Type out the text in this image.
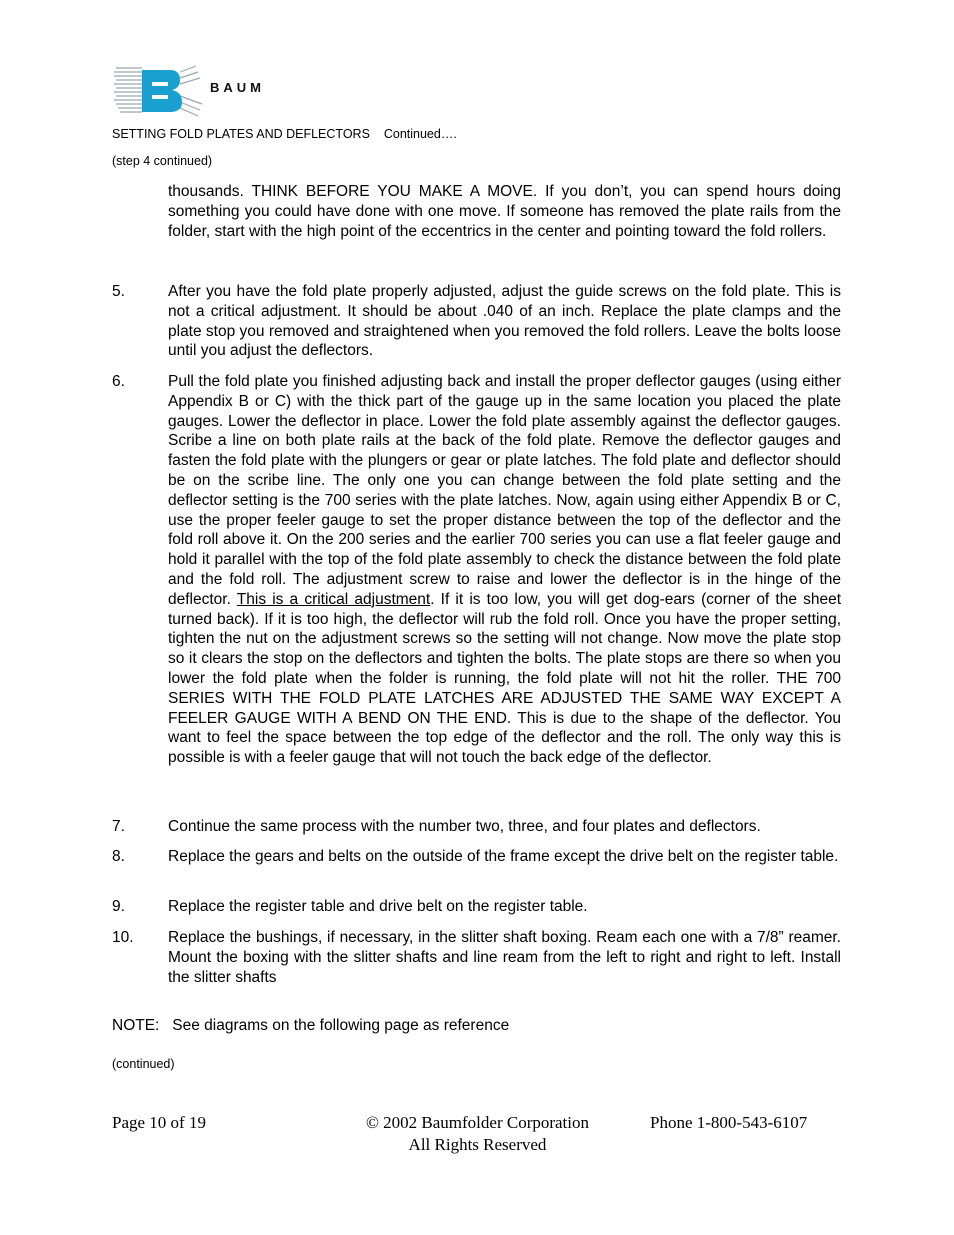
BAUM
SETTING FOLD PLATES AND DEFLECTORS Continued….
(step 4 continued)
thousands. THINK BEFORE YOU MAKE A MOVE. If you don’t, you can spend hours doing something you could have done with one move. If someone has removed the plate rails from the folder, start with the high point of the eccentrics in the center and pointing toward the fold rollers.
5.	After you have the fold plate properly adjusted, adjust the guide screws on the fold plate. This is not a critical adjustment. It should be about .040 of an inch. Replace the plate clamps and the plate stop you removed and straightened when you removed the fold rollers. Leave the bolts loose until you adjust the deflectors.
6.	Pull the fold plate you finished adjusting back and install the proper deflector gauges (using either Appendix B or C) with the thick part of the gauge up in the same location you placed the plate gauges. Lower the deflector in place. Lower the fold plate assembly against the deflector gauges. Scribe a line on both plate rails at the back of the fold plate. Remove the deflector gauges and fasten the fold plate with the plungers or gear or plate latches. The fold plate and deflector should be on the scribe line. The only one you can change between the fold plate setting and the deflector setting is the 700 series with the plate latches. Now, again using either Appendix B or C, use the proper feeler gauge to set the proper distance between the top of the deflector and the fold roll above it. On the 200 series and the earlier 700 series you can use a flat feeler gauge and hold it parallel with the top of the fold plate assembly to check the distance between the fold plate and the fold roll. The adjustment screw to raise and lower the deflector is in the hinge of the deflector. This is a critical adjustment. If it is too low, you will get dog-ears (corner of the sheet turned back). If it is too high, the deflector will rub the fold roll. Once you have the proper setting, tighten the nut on the adjustment screws so the setting will not change. Now move the plate stop so it clears the stop on the deflectors and tighten the bolts. The plate stops are there so when you lower the fold plate when the folder is running, the fold plate will not hit the roller. THE 700 SERIES WITH THE FOLD PLATE LATCHES ARE ADJUSTED THE SAME WAY EXCEPT A FEELER GAUGE WITH A BEND ON THE END. This is due to the shape of the deflector. You want to feel the space between the top edge of the deflector and the roll. The only way this is possible is with a feeler gauge that will not touch the back edge of the deflector.
7.	Continue the same process with the number two, three, and four plates and deflectors.
8.	Replace the gears and belts on the outside of the frame except the drive belt on the register table.
9.	Replace the register table and drive belt on the register table.
10. Replace the bushings, if necessary, in the slitter shaft boxing. Ream each one with a 7/8” reamer. Mount the boxing with the slitter shafts and line ream from the left to right and right to left. Install the slitter shafts
NOTE: See diagrams on the following page as reference
(continued)
Page 10 of 19	© 2002 Baumfolder Corporation
All Rights Reserved
Phone 1-800-543-6107
